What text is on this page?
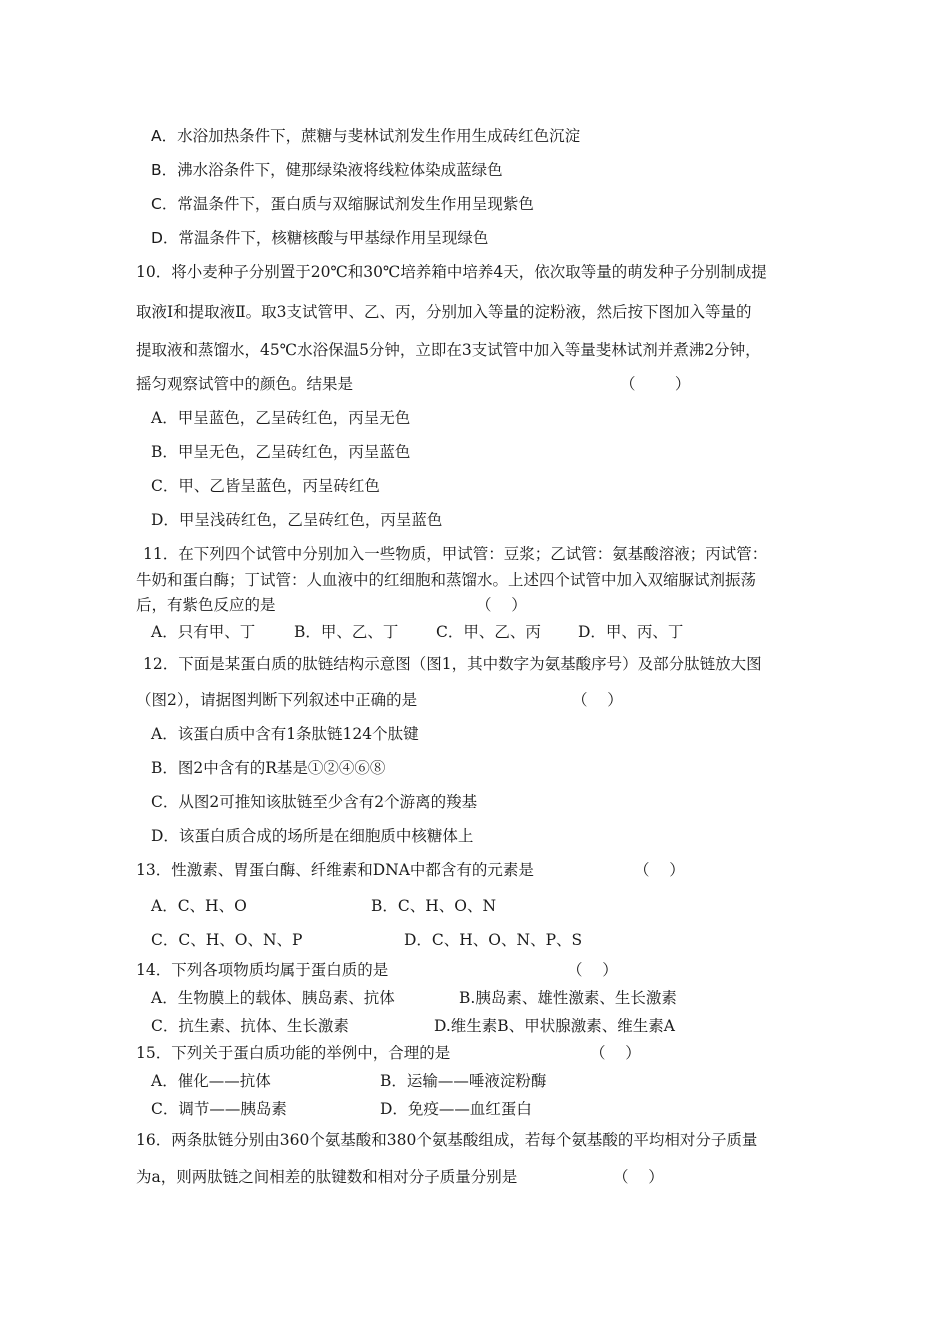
A．水浴加热条件下，蔗糖与斐林试剂发生作用生成砖红色沉淀
B．沸水浴条件下，健那绿染液将线粒体染成蓝绿色
C．常温条件下，蛋白质与双缩脲试剂发生作用呈现紫色
D．常温条件下，核糖核酸与甲基绿作用呈现绿色
10．将小麦种子分别置于20℃和30℃培养箱中培养4天，依次取等量的萌发种子分别制成提
取液Ⅰ和提取液Ⅱ。取3支试管甲、乙、丙，分别加入等量的淀粉液，然后按下图加入等量的
提取液和蒸馏水，45℃水浴保温5分钟，立即在3支试管中加入等量斐林试剂并煮沸2分钟，
摇匀观察试管中的颜色。结果是	（        ）
A．甲呈蓝色，乙呈砖红色，丙呈无色
B．甲呈无色，乙呈砖红色，丙呈蓝色
C．甲、乙皆呈蓝色，丙呈砖红色
D．甲呈浅砖红色，乙呈砖红色，丙呈蓝色
11．在下列四个试管中分别加入一些物质，甲试管：豆浆；乙试管：氨基酸溶液；丙试管：
牛奶和蛋白酶；丁试管：人血液中的红细胞和蒸馏水。上述四个试管中加入双缩脲试剂振荡
后，有紫色反应的是	（    ）
A．只有甲、丁	B．甲、乙、丁 C．甲、乙、丙 D．甲、丙、丁
12．下面是某蛋白质的肽链结构示意图（图1，其中数字为氨基酸序号）及部分肽链放大图
（图2），请据图判断下列叙述中正确的是	（    ）
A．该蛋白质中含有1条肽链124个肽键
B．图2中含有的R基是①②④⑥⑧
C．从图2可推知该肽链至少含有2个游离的羧基
D．该蛋白质合成的场所是在细胞质中核糖体上
13．性激素、胃蛋白酶、纤维素和DNA中都含有的元素是	（    ）
A．C、H、O	B．C、H、O、N
C．C、H、O、N、P	D．C、H、O、N、P、S
14．下列各项物质均属于蛋白质的是	（    ）
A．生物膜上的载体、胰岛素、抗体	B.胰岛素、雄性激素、生长激素
C．抗生素、抗体、生长激素	D.维生素B、甲状腺激素、维生素A
15．下列关于蛋白质功能的举例中，合理的是	（    ）
A．催化——抗体	B．运输——唾液淀粉酶
C．调节——胰岛素	D．免疫——血红蛋白
16．两条肽链分别由360个氨基酸和380个氨基酸组成，若每个氨基酸的平均相对分子质量
为a，则两肽链之间相差的肽键数和相对分子质量分别是	（    ）
